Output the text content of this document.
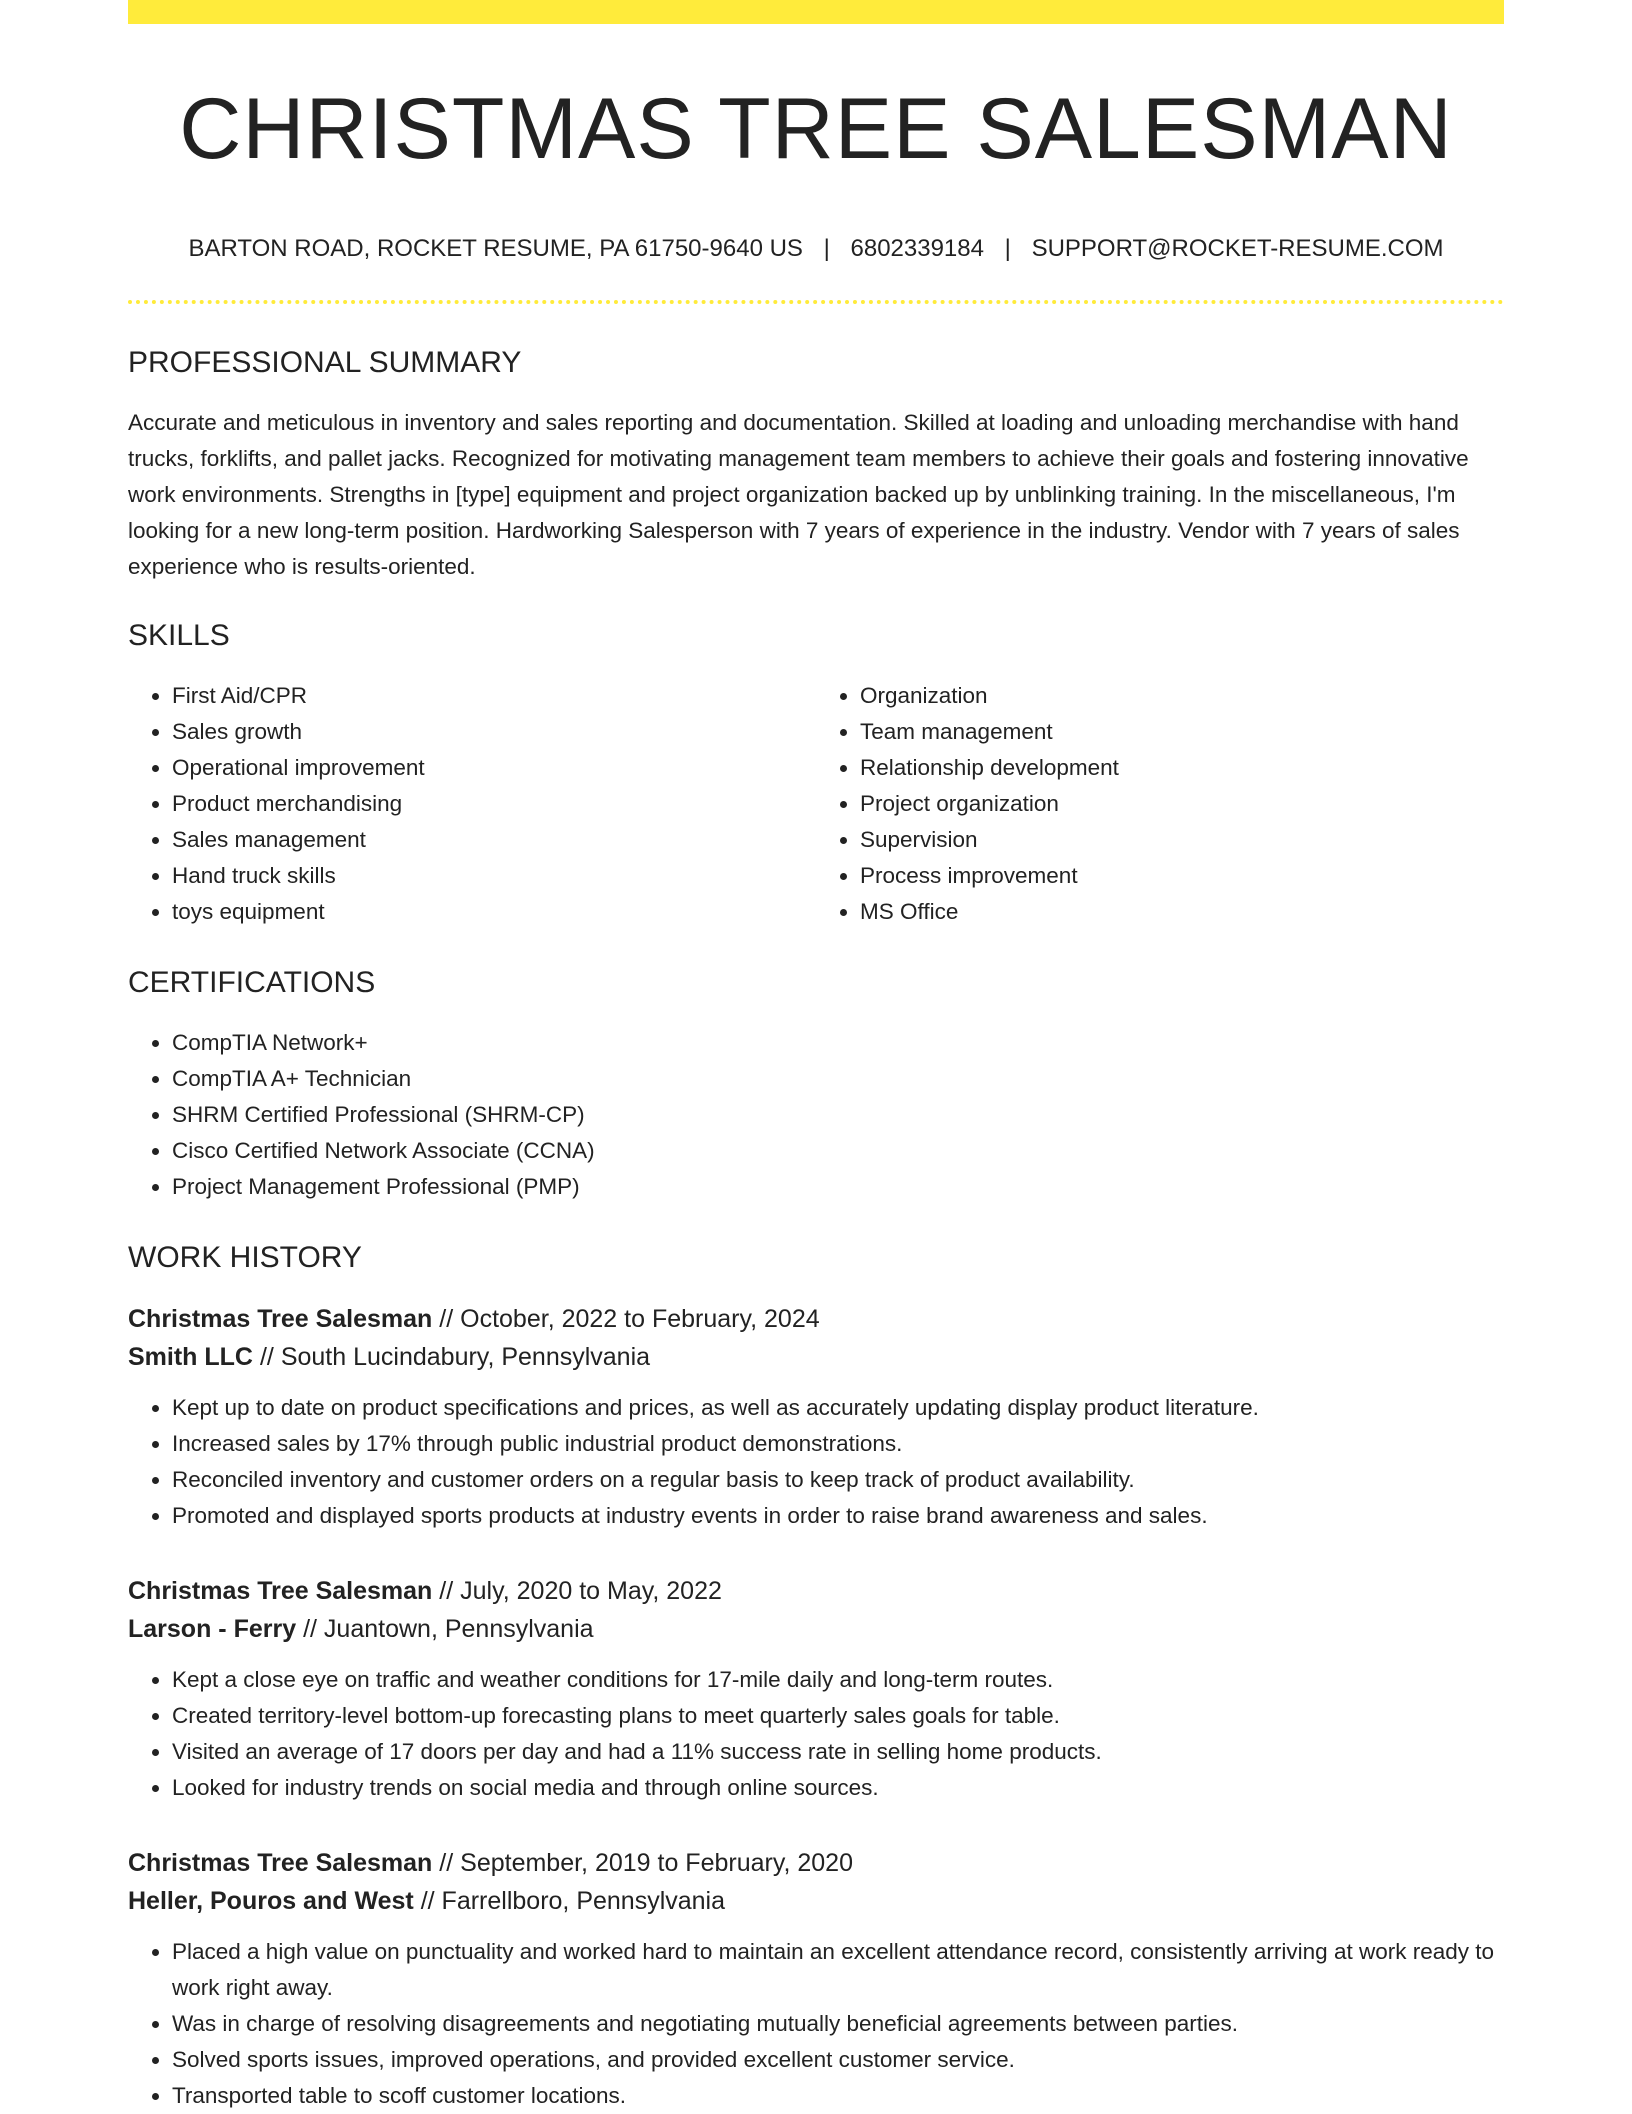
CHRISTMAS TREE SALESMAN
BARTON ROAD, ROCKET RESUME, PA 61750-9640 US | 6802339184 | SUPPORT@ROCKET-RESUME.COM
PROFESSIONAL SUMMARY

Accurate and meticulous in inventory and sales reporting and documentation. Skilled at loading and unloading merchandise with hand trucks, forklifts, and pallet jacks. Recognized for motivating management team members to achieve their goals and fostering innovative work environments. Strengths in [type] equipment and project organization backed up by unblinking training. In the miscellaneous, I'm looking for a new long-term position. Hardworking Salesperson with 7 years of experience in the industry. Vendor with 7 years of sales experience who is results-oriented.

SKILLS
• First Aid/CPR
• Sales growth
• Operational improvement
• Product merchandising
• Sales management
• Hand truck skills
• toys equipment
• Organization
• Team management
• Relationship development
• Project organization
• Supervision
• Process improvement
• MS Office
CERTIFICATIONS
• CompTIA Network+
• CompTIA A+ Technician
• SHRM Certified Professional (SHRM-CP)
• Cisco Certified Network Associate (CCNA)
• Project Management Professional (PMP)
WORK HISTORY
Christmas Tree Salesman // October, 2022 to February, 2024
Smith LLC // South Lucindabury, Pennsylvania
• Kept up to date on product specifications and prices, as well as accurately updating display product literature.
• Increased sales by 17% through public industrial product demonstrations.
• Reconciled inventory and customer orders on a regular basis to keep track of product availability.
• Promoted and displayed sports products at industry events in order to raise brand awareness and sales.
Christmas Tree Salesman // July, 2020 to May, 2022
Larson - Ferry // Juantown, Pennsylvania
• Kept a close eye on traffic and weather conditions for 17-mile daily and long-term routes.
• Created territory-level bottom-up forecasting plans to meet quarterly sales goals for table.
• Visited an average of 17 doors per day and had a 11% success rate in selling home products.
• Looked for industry trends on social media and through online sources.
Christmas Tree Salesman // September, 2019 to February, 2020
Heller, Pouros and West // Farrellboro, Pennsylvania
• Placed a high value on punctuality and worked hard to maintain an excellent attendance record, consistently arriving at work ready to work right away.
• Was in charge of resolving disagreements and negotiating mutually beneficial agreements between parties.
• Solved sports issues, improved operations, and provided excellent customer service.
• Transported table to scoff customer locations.
